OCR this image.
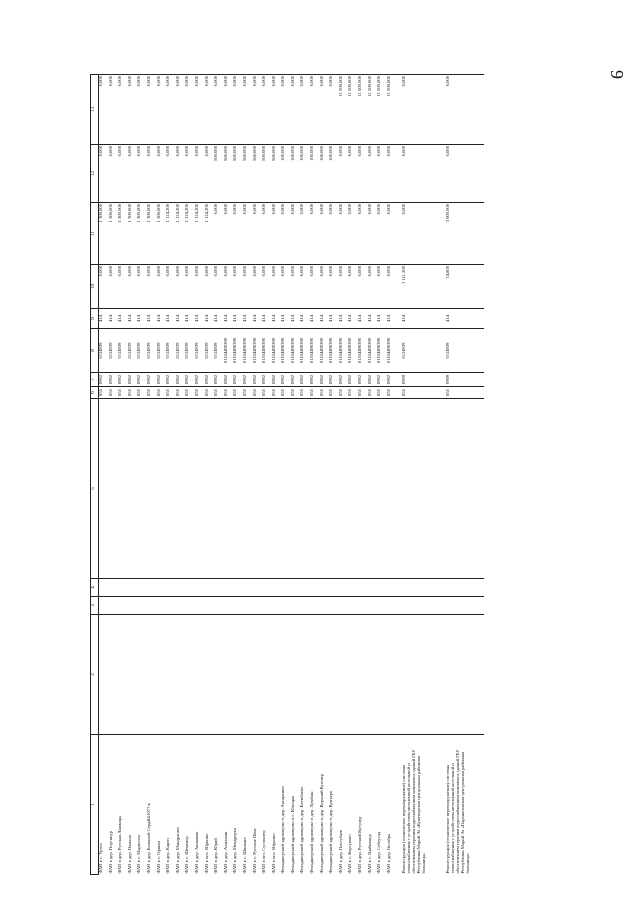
9
1	2	3	4	5	6	7	8	9	10	11	12	13
ФАП в с. Уртеа					855	0902	0114939	414	0,000	1 300,000	0,000	0,000
ФАП в дер. Портикур					855	0902	0114939	414	0,000	1 300,000	0,000	0,000
ФАП в дер. Русская Ляжмарь					855	0902	0114939	414	0,000	1 300,000	0,000	0,000
ФАП в дер. Пяжала					855	0902	0114939	414	0,000	1 300,000	0,000	0,000
ФАП в с. Марисола					855	0902	0114939	414	0,000	1 300,000	0,000	0,000
ФАП в дер. Большой Серд&#1077;к					855	0902	0114939	414	0,000	1 300,000	0,000	0,000
ФАП в с. Оршан					855	0902	0114939	414	0,000	1 300,000	0,000	0,000
ФАП в дер. Кареп					855	0902	0114939	414	0,000	1 124,200	0,000	0,000
ФАП в дер. Мандрагаш					855	0902	0114939	414	0,000	1 124,200	0,000	0,000
ФАП в с. Шеменер					855	0902	0114939	414	0,000	1 124,200	0,000	0,000
ФАП в дер. Авшаваж					855	0902	0114939	414	0,000	1 124,200	0,000	0,000
ФАП в пос. Юрьино					855	0902	0114939	414	0,000	1 124,200	0,000	0,000
ФАП в дер. Юрий					855	0902	0114939	414	0,000	0,000	500,000	0,000
ФАП в дер. Ахманаш					855	0902	01104490390	414	0,000	0,000	500,000	0,000
ФАП в дер. Мендрорка					855	0902	01104490390	414	0,000	0,000	500,000	0,000
ФАП в с. Шиньша					855	0902	01104490390	414	0,000	0,000	500,000	0,000
ФАП в с. Русские Шои					855	0902	01104490390	414	0,000	0,000	500,000	0,000
ФАП в пгт. Суслонгер					855	0902	01104490390	414	0,000	0,000	500,000	0,000
ФАП в пос. Юркино					855	0902	01104490390	414	0,000	0,000	500,000	0,000
Фельдшерский здравпункт в дер. Аксаркино					855	0902	01104490390	414	0,000	0,000	100,000	0,000
Фельдшерский здравпункт в с. Юксары					855	0902	01104490390	414	0,000	0,000	100,000	0,000
Фельдшерский здравпункт в дер. Елембаево					855	0902	01104490390	414	0,000	0,000	100,000	0,000
Фельдшерский здравпункт в дер. Лумбаш					855	0902	01104490390	414	0,000	0,000	100,000	0,000
Фельдшерский здравпункт в дер. Верхний Кугенер					855	0902	01104490390	414	0,000	0,000	100,000	0,000
Фельдшерский здравпункт в дер. Кумъерь					855	0902	01104490390	414	0,000	0,000	100,000	0,000
ФАП в дер. Пектубаев					855	0902	01104490390	414	0,000	0,000	0,000	11 500,000
ФАП в с. Кортуково					855	0902	01104490390	414	0,000	0,000	0,000	11 500,000
ФАП в дер. Русский Кугунур					855	0902	01104490390	414	0,000	0,000	0,000	11 500,000
ФАП в с. Цыбикнур					855	0902	01104490390	414	0,000	0,000	0,000	11 500,000
ФАП в дер. Себеусад					855	0902	01104490390	414	0,000	0,000	0,000	11 500,000
ФАП в дер. Октябрь					855	0902	01104490390	414	0,000	0,000	0,000	11 500,000

Реконструкция (техническое перевооружение) системы теплоснабжения с устройством автономной котельной и обеспечением горячим водоснабжением комплекса зданий ГБУ Республики Марий Эл «Куженерская центральная районная больница»					855	0909	0114939	414	1 111,200	0,000	0,000	0,000

Реконструкция (техническое перевооружение) системы теплоснабжения с устройством автономной котельной и обеспечением горячим водоснабжением комплекса зданий ГБУ Республики Марий Эл «Параньгинская центральная районная больница»					855	0909	0114939	414	74,800	3 000,000	0,000	0,000
